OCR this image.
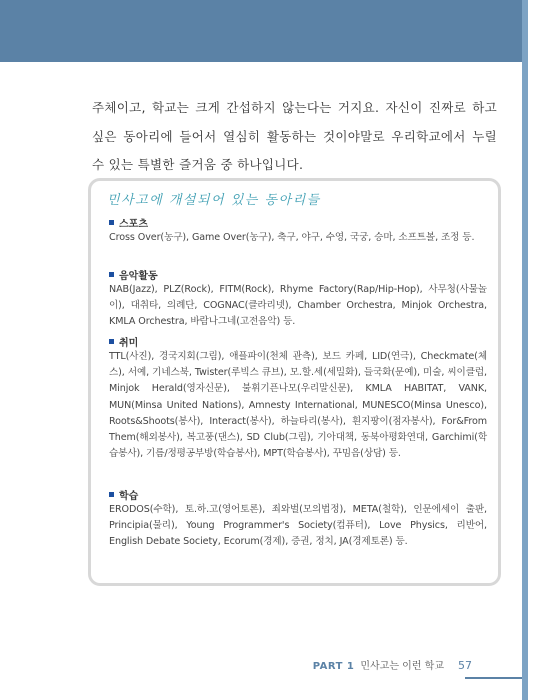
주체이고, 학교는 크게 간섭하지 않는다는 거지요. 자신이 진짜로 하고 싶은 동아리에 들어서 열심히 활동하는 것이야말로 우리학교에서 누릴 수 있는 특별한 즐거움 중 하나입니다.

민사고에 개설되어 있는 동아리들
스포츠
Cross Over(농구), Game Over(농구), 축구, 야구, 수영, 국궁, 승마, 소프트볼, 조정 등.
음악활동
NAB(Jazz), PLZ(Rock), FITM(Rock), Rhyme Factory(Rap/Hip-Hop), 사무청(사물놀이), 대취타, 의례단, COGNAC(클라리넷), Chamber Orchestra, Minjok Orchestra, KMLA Orchestra, 바람나그네(고전음악) 등.
취미
TTL(사진), 경국지회(그림), 애플파이(천체 관측), 보드 카페, LID(연극), Checkmate(체스), 서예, 기네스북, Twister(루빅스 큐브), 모.할.세(세밀화), 들국화(문예), 미술, 씨이클럽, Minjok Herald(영자신문), 불휘기픈나모(우리말신문), KMLA HABITAT, VANK, MUN(Minsa United Nations), Amnesty International, MUNESCO(Minsa Unesco), Roots&Shoots(봉사), Interact(봉사), 하늘타리(봉사), 흰지팡이(점자봉사), For&From Them(해외봉사), 복고풍(댄스), SD Club(그림), 기아대책, 동북아평화연대, Garchimi(학습봉사), 기름/정평공부방(학습봉사), MPT(학습봉사), 꾸밈음(상담) 등.
학습
ERODOS(수학), 토.하.고(영어토론), 죄와벌(모의법정), META(철학), 인문에세이 출판, Principia(물리), Young Programmer's Society(컴퓨터), Love Physics, 리반어, English Debate Society, Ecorum(경제), 증권, 정치, JA(경제토론) 등.
PART 1 민사고는 이런 학교 57
